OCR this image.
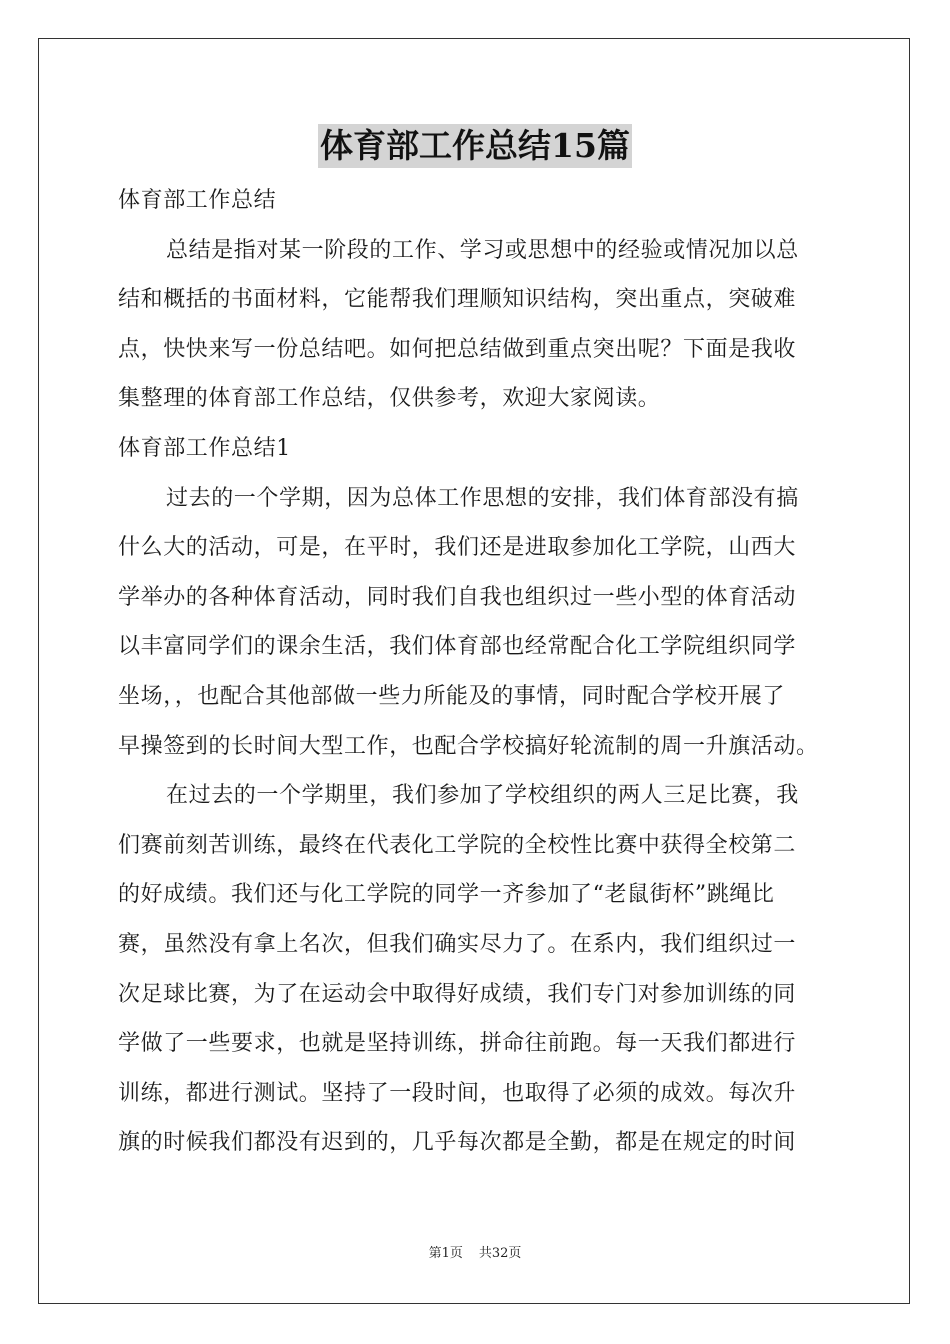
体育部工作总结15篇
体育部工作总结
总结是指对某一阶段的工作、学习或思想中的经验或情况加以总
结和概括的书面材料，它能帮我们理顺知识结构，突出重点，突破难
点，快快来写一份总结吧。如何把总结做到重点突出呢？下面是我收
集整理的体育部工作总结，仅供参考，欢迎大家阅读。
体育部工作总结1
过去的一个学期，因为总体工作思想的安排，我们体育部没有搞
什么大的活动，可是，在平时，我们还是进取参加化工学院，山西大
学举办的各种体育活动，同时我们自我也组织过一些小型的体育活动
以丰富同学们的课余生活，我们体育部也经常配合化工学院组织同学
坐场，，也配合其他部做一些力所能及的事情，同时配合学校开展了
早操签到的长时间大型工作，也配合学校搞好轮流制的周一升旗活动。
在过去的一个学期里，我们参加了学校组织的两人三足比赛，我
们赛前刻苦训练，最终在代表化工学院的全校性比赛中获得全校第二
的好成绩。我们还与化工学院的同学一齐参加了“老鼠街杯”跳绳比
赛，虽然没有拿上名次，但我们确实尽力了。在系内，我们组织过一
次足球比赛，为了在运动会中取得好成绩，我们专门对参加训练的同
学做了一些要求，也就是坚持训练，拼命往前跑。每一天我们都进行
训练，都进行测试。坚持了一段时间，也取得了必须的成效。每次升
旗的时候我们都没有迟到的，几乎每次都是全勤，都是在规定的时间
第1页 共32页
